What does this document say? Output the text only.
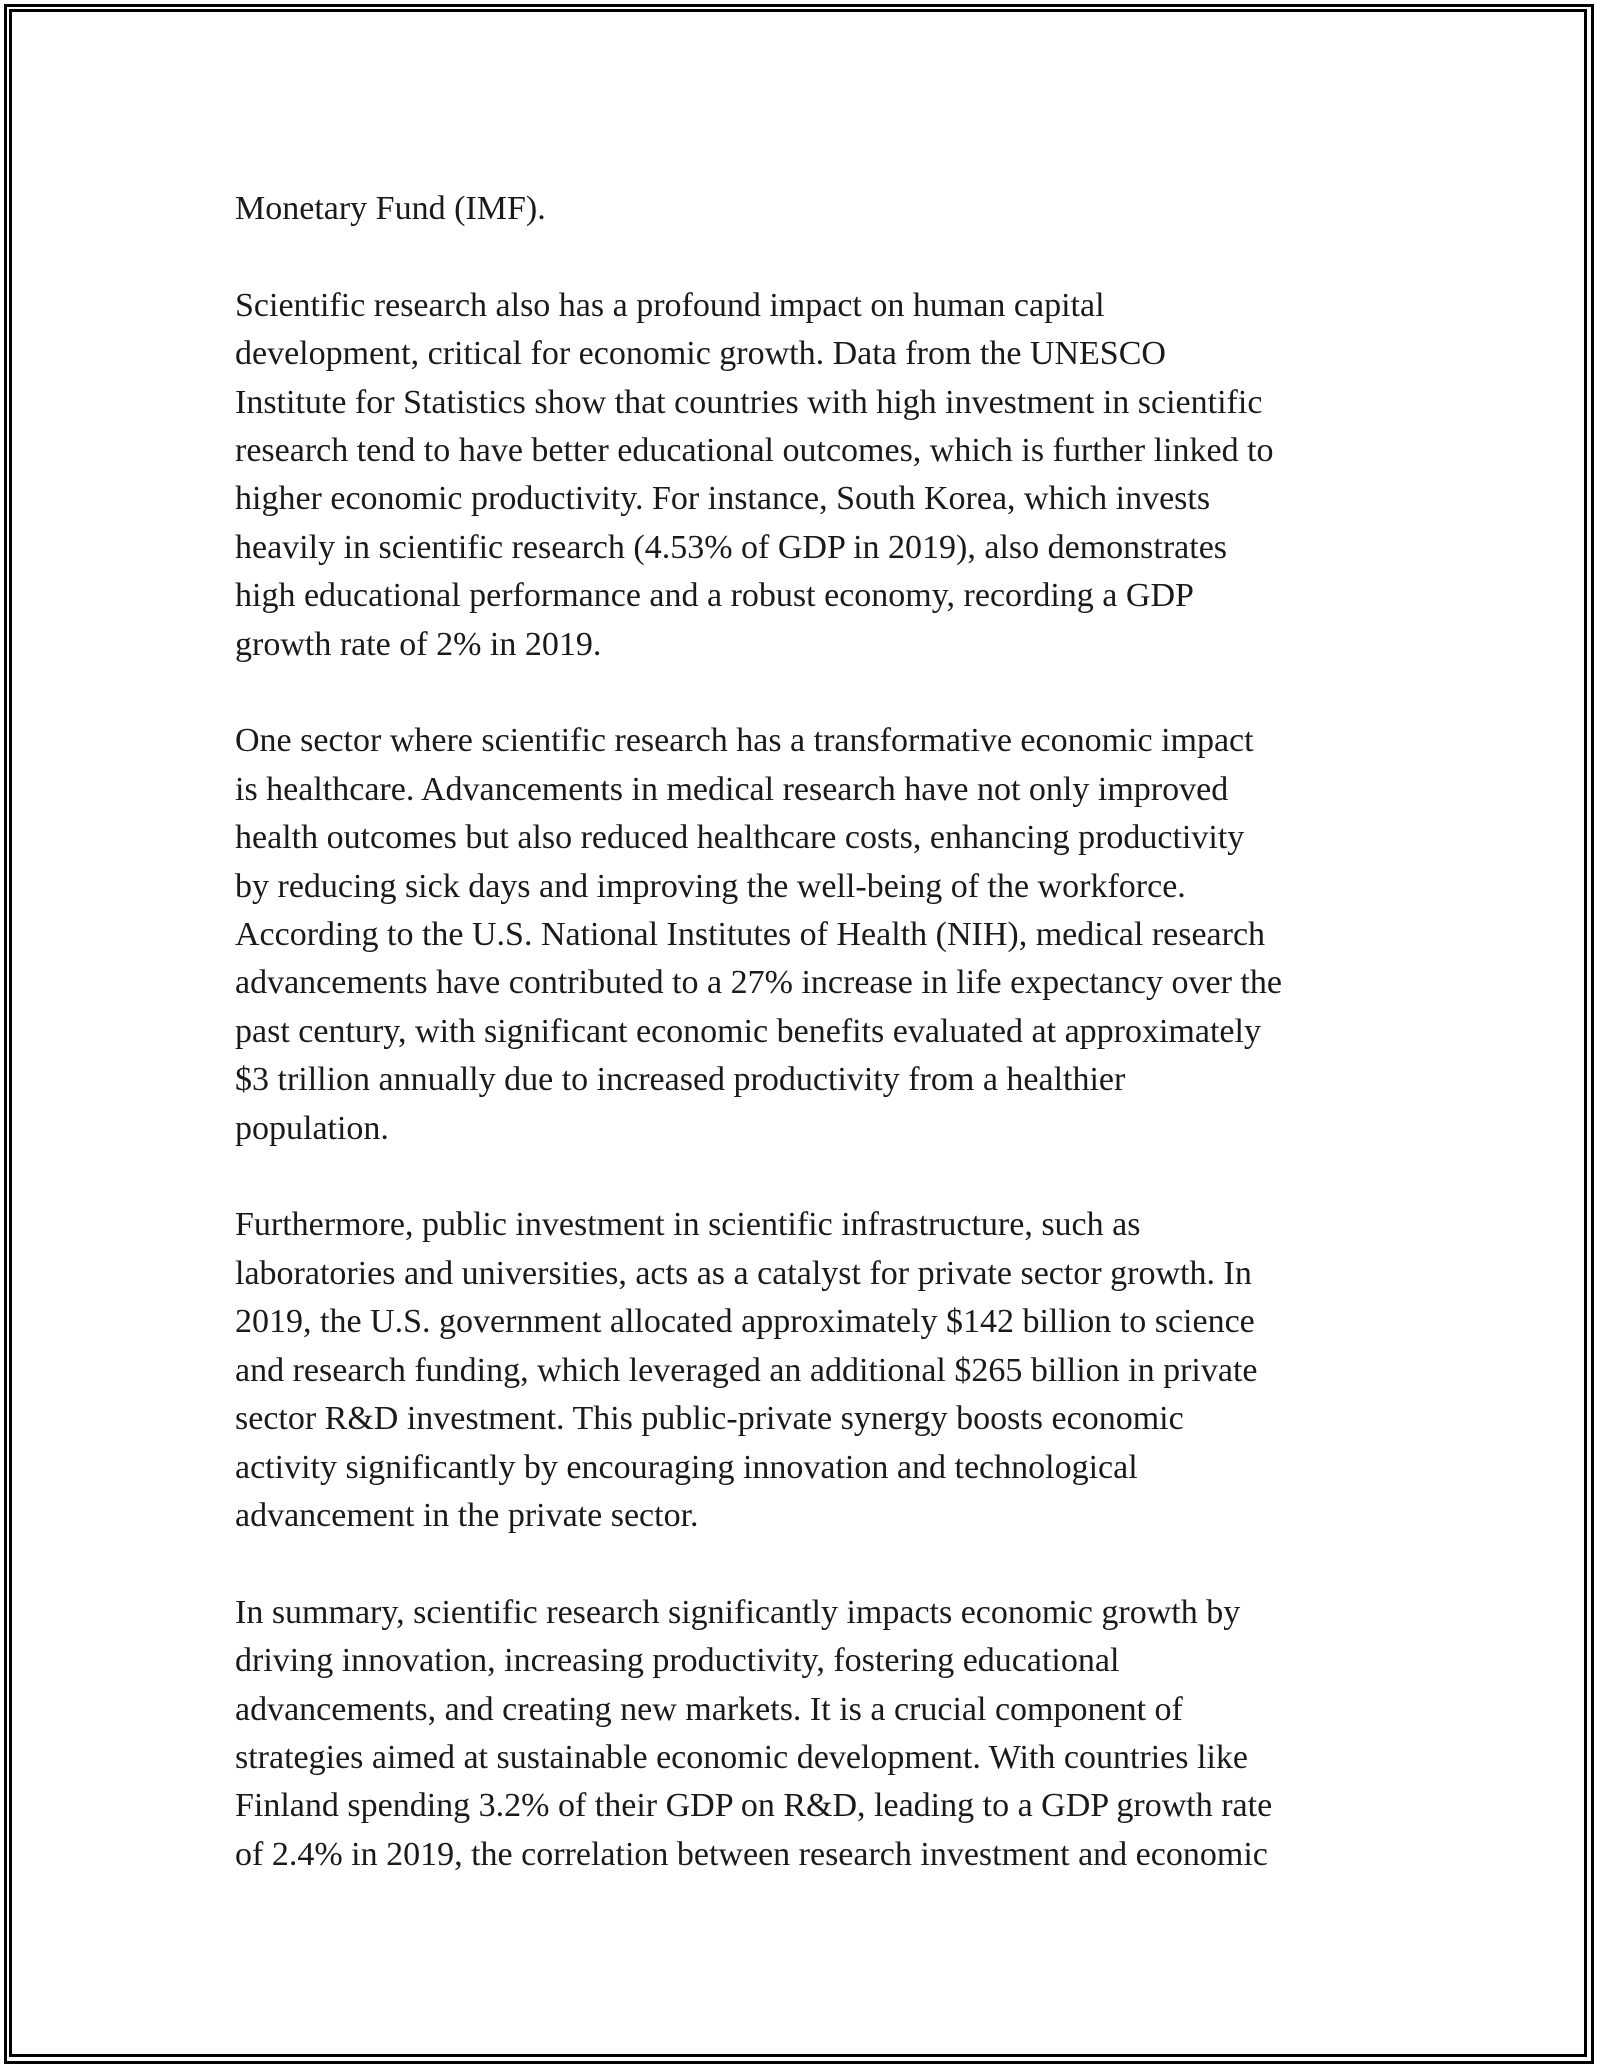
Monetary Fund (IMF).
Scientific research also has a profound impact on human capital
development, critical for economic growth. Data from the UNESCO
Institute for Statistics show that countries with high investment in scientific
research tend to have better educational outcomes, which is further linked to
higher economic productivity. For instance, South Korea, which invests
heavily in scientific research (4.53% of GDP in 2019), also demonstrates
high educational performance and a robust economy, recording a GDP
growth rate of 2% in 2019.
One sector where scientific research has a transformative economic impact
is healthcare. Advancements in medical research have not only improved
health outcomes but also reduced healthcare costs, enhancing productivity
by reducing sick days and improving the well-being of the workforce.
According to the U.S. National Institutes of Health (NIH), medical research
advancements have contributed to a 27% increase in life expectancy over the
past century, with significant economic benefits evaluated at approximately
$3 trillion annually due to increased productivity from a healthier
population.
Furthermore, public investment in scientific infrastructure, such as
laboratories and universities, acts as a catalyst for private sector growth. In
2019, the U.S. government allocated approximately $142 billion to science
and research funding, which leveraged an additional $265 billion in private
sector R&D investment. This public-private synergy boosts economic
activity significantly by encouraging innovation and technological
advancement in the private sector.
In summary, scientific research significantly impacts economic growth by
driving innovation, increasing productivity, fostering educational
advancements, and creating new markets. It is a crucial component of
strategies aimed at sustainable economic development. With countries like
Finland spending 3.2% of their GDP on R&D, leading to a GDP growth rate
of 2.4% in 2019, the correlation between research investment and economic
